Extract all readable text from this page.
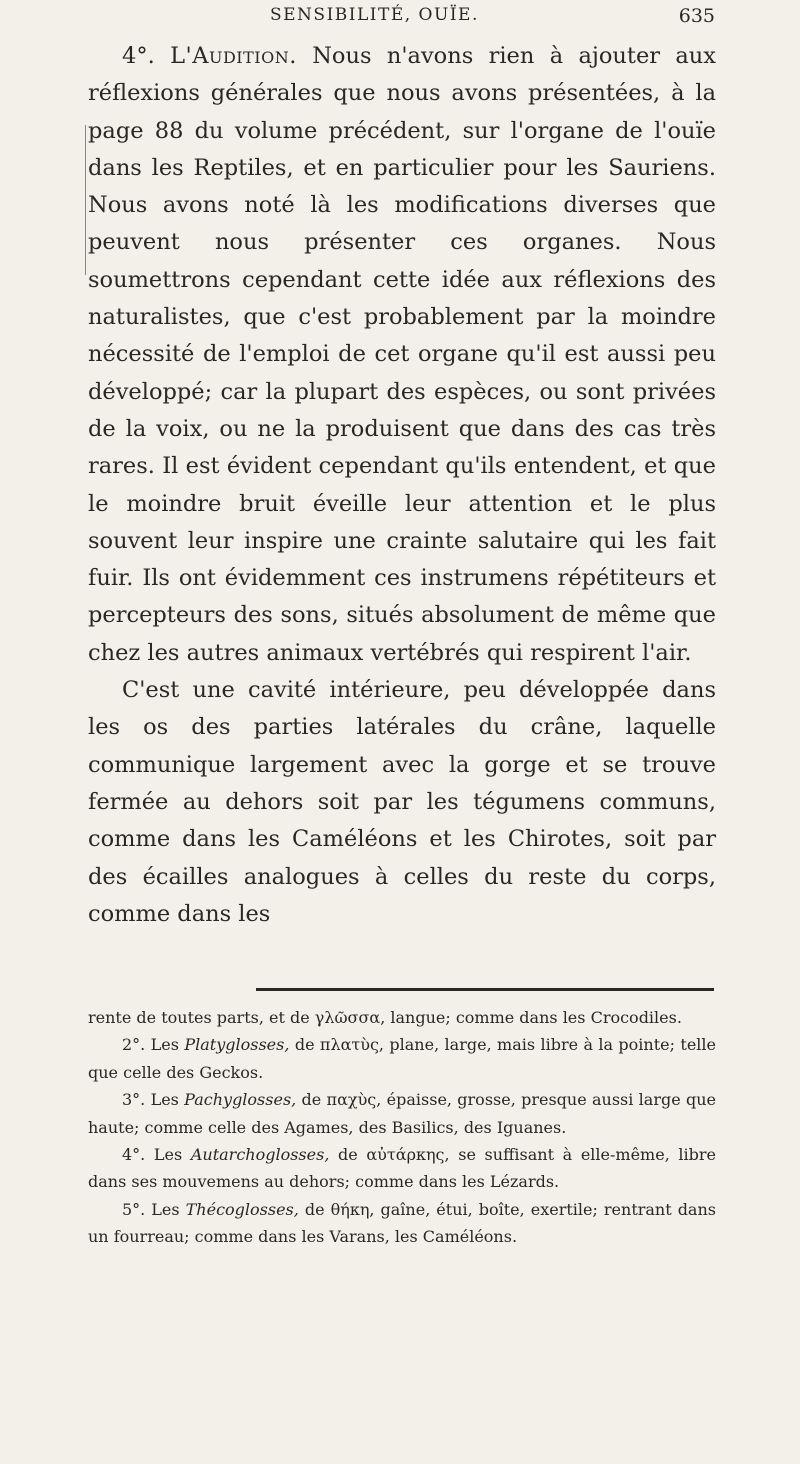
SENSIBILITÉ, OUÏE.	635

4°. L'Audition. Nous n'avons rien à ajouter aux réflexions générales que nous avons présentées, à la page 88 du volume précédent, sur l'organe de l'ouïe dans les Reptiles, et en particulier pour les Sauriens. Nous avons noté là les modifications diverses que peuvent nous présenter ces organes. Nous soumettrons cependant cette idée aux réflexions des naturalistes, que c'est probablement par la moindre nécessité de l'emploi de cet organe qu'il est aussi peu développé; car la plupart des espèces, ou sont privées de la voix, ou ne la produisent que dans des cas très rares. Il est évident cependant qu'ils entendent, et que le moindre bruit éveille leur attention et le plus souvent leur inspire une crainte salutaire qui les fait fuir. Ils ont évidemment ces instrumens répétiteurs et percepteurs des sons, situés absolument de même que chez les autres animaux vertébrés qui respirent l'air.

C'est une cavité intérieure, peu développée dans les os des parties latérales du crâne, laquelle communique largement avec la gorge et se trouve fermée au dehors soit par les tégumens communs, comme dans les Caméléons et les Chirotes, soit par des écailles analogues à celles du reste du corps, comme dans les

rente de toutes parts, et de γλῶσσα, langue; comme dans les Crocodiles.

2°. Les Platyglosses, de πλατὺς, plane, large, mais libre à la pointe; telle que celle des Geckos.

3°. Les Pachyglosses, de παχὺς, épaisse, grosse, presque aussi large que haute; comme celle des Agames, des Basilics, des Iguanes.

4°. Les Autarchoglosses, de αὐτάρκης, se suffisant à elle-même, libre dans ses mouvemens au dehors; comme dans les Lézards.

5°. Les Thécoglosses, de θήκη, gaîne, étui, boîte, exertile; rentrant dans un fourreau; comme dans les Varans, les Caméléons.
